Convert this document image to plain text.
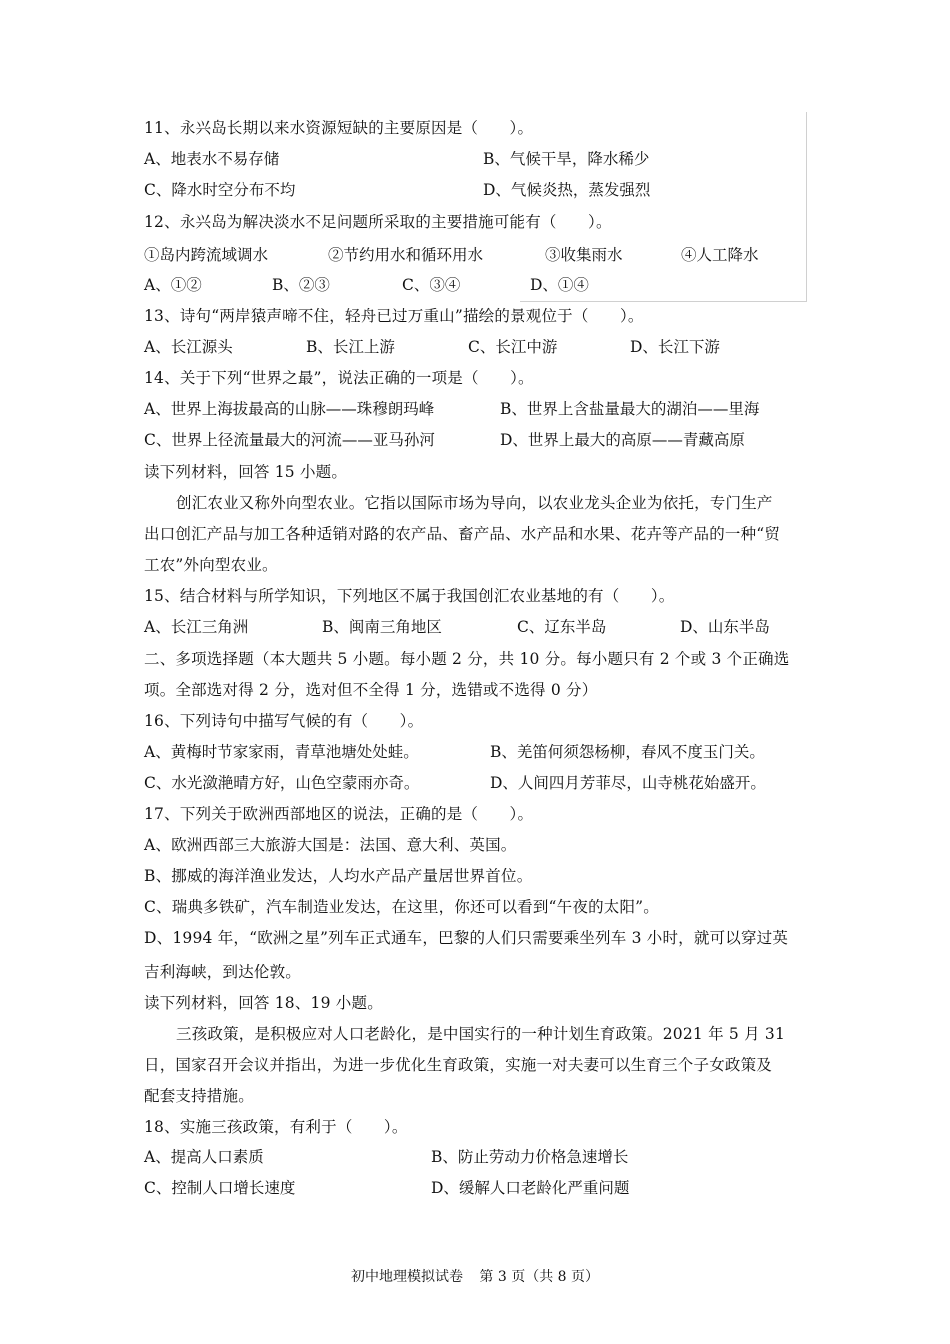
11、永兴岛长期以来水资源短缺的主要原因是（　　）。
A、地表水不易存储	B、气候干旱，降水稀少
C、降水时空分布不均	D、气候炎热，蒸发强烈
12、永兴岛为解决淡水不足问题所采取的主要措施可能有（　　）。
①岛内跨流域调水	②节约用水和循环用水	③收集雨水	④人工降水
A、①②	B、②③	C、③④	D、①④
13、诗句“两岸猿声啼不住，轻舟已过万重山”描绘的景观位于（　　）。
A、长江源头	B、长江上游	C、长江中游	D、长江下游
14、关于下列“世界之最”，说法正确的一项是（　　）。
A、世界上海拔最高的山脉——珠穆朗玛峰	B、世界上含盐量最大的湖泊——里海
C、世界上径流量最大的河流——亚马孙河	D、世界上最大的高原——青藏高原
读下列材料，回答 15 小题。
创汇农业又称外向型农业。它指以国际市场为导向，以农业龙头企业为依托，专门生产
出口创汇产品与加工各种适销对路的农产品、畜产品、水产品和水果、花卉等产品的一种“贸
工农”外向型农业。
15、结合材料与所学知识，下列地区不属于我国创汇农业基地的有（　　）。
A、长江三角洲	B、闽南三角地区	C、辽东半岛	D、山东半岛
二、多项选择题（本大题共 5 小题。每小题 2 分，共 10 分。每小题只有 2 个或 3 个正确选
项。全部选对得 2 分，选对但不全得 1 分，选错或不选得 0 分）
16、下列诗句中描写气候的有（　　）。
A、黄梅时节家家雨，青草池塘处处蛙。	B、羌笛何须怨杨柳，春风不度玉门关。
C、水光潋滟晴方好，山色空蒙雨亦奇。	D、人间四月芳菲尽，山寺桃花始盛开。
17、下列关于欧洲西部地区的说法，正确的是（　　）。
A、欧洲西部三大旅游大国是：法国、意大利、英国。
B、挪威的海洋渔业发达，人均水产品产量居世界首位。
C、瑞典多铁矿，汽车制造业发达，在这里，你还可以看到“午夜的太阳”。
D、1994 年，“欧洲之星”列车正式通车，巴黎的人们只需要乘坐列车 3 小时，就可以穿过英
吉利海峡，到达伦敦。
读下列材料，回答 18、19 小题。
三孩政策，是积极应对人口老龄化，是中国实行的一种计划生育政策。2021 年 5 月 31
日，国家召开会议并指出，为进一步优化生育政策，实施一对夫妻可以生育三个子女政策及
配套支持措施。
18、实施三孩政策，有利于（　　）。
A、提高人口素质	B、防止劳动力价格急速增长
C、控制人口增长速度	D、缓解人口老龄化严重问题
初中地理模拟试卷 第 3 页（共 8 页）
